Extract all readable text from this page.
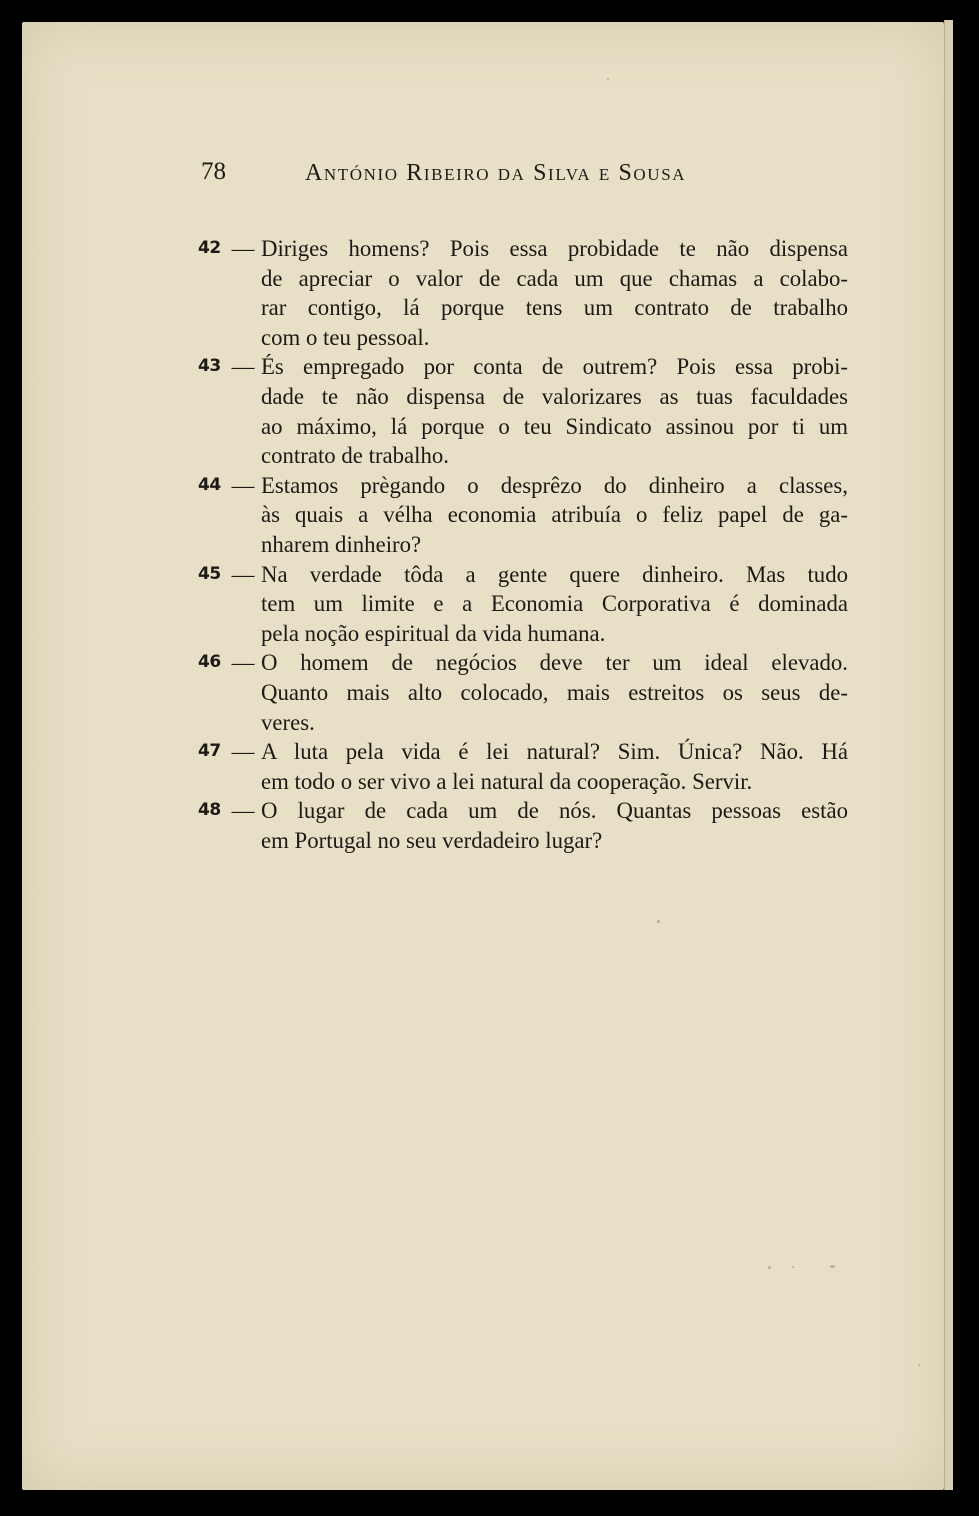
78	António Ribeiro da Silva e Sousa
42 — Diriges homens? Pois essa probidade te não dispensa
de apreciar o valor de cada um que chamas a colabo-
rar contigo, lá porque tens um contrato de trabalho
com o teu pessoal.
43 — És empregado por conta de outrem? Pois essa probi-
dade te não dispensa de valorizares as tuas faculdades
ao máximo, lá porque o teu Sindicato assinou por ti um
contrato de trabalho.
44 — Estamos prègando o desprêzo do dinheiro a classes,
às quais a vélha economia atribuía o feliz papel de ga-
nharem dinheiro?
45 — Na verdade tôda a gente quere dinheiro. Mas tudo
tem um limite e a Economia Corporativa é dominada
pela noção espiritual da vida humana.
46 — O homem de negócios deve ter um ideal elevado.
Quanto mais alto colocado, mais estreitos os seus de-
veres.
47 — A luta pela vida é lei natural? Sim. Única? Não. Há
em todo o ser vivo a lei natural da cooperação. Servir.
48 — O lugar de cada um de nós. Quantas pessoas estão
em Portugal no seu verdadeiro lugar?
